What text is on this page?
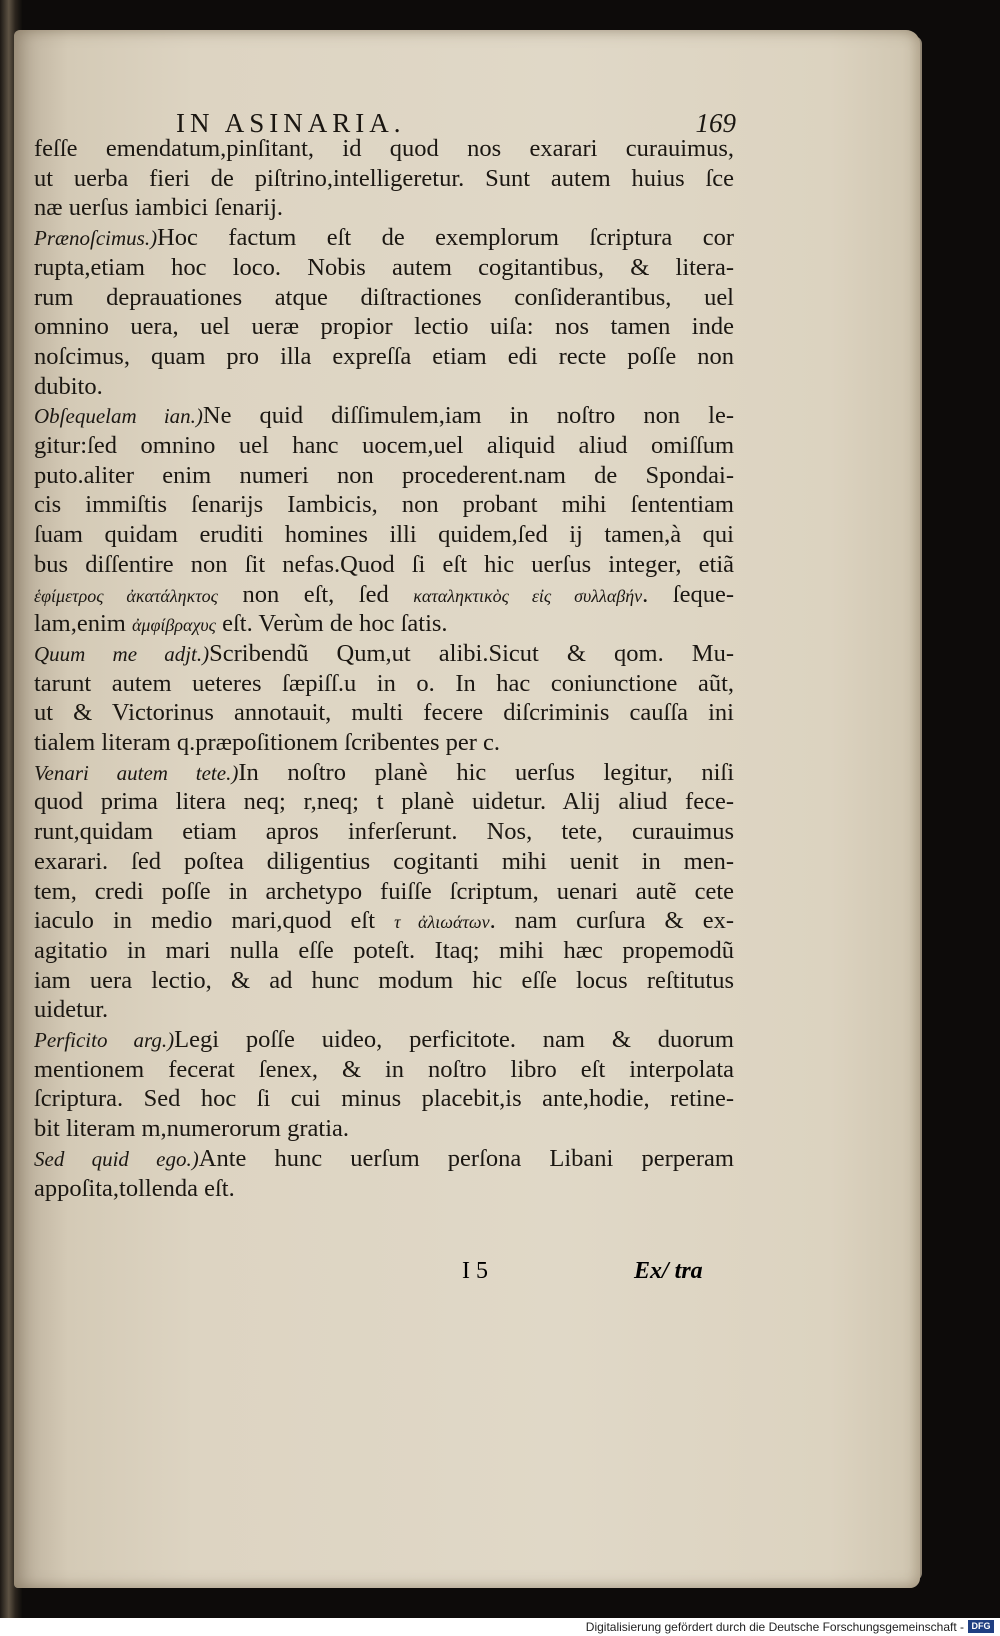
IN ASINARIA.	169
feſſe emendatum,pinſitant, id quod nos exarari curauimus,
ut uerba fieri de piſtrino,intelligeretur. Sunt autem huius ſce
næ uerſus iambici ſenarij.
Prænoſcimus.)Hoc factum eſt de exemplorum ſcriptura cor
rupta,etiam hoc loco. Nobis autem cogitantibus, & litera-
rum deprauationes atque diſtractiones conſiderantibus, uel
omnino uera, uel ueræ propior lectio uiſa: nos tamen inde
noſcimus, quam pro illa expreſſa etiam edi recte poſſe non
dubito.
Obſequelam ian.)Ne quid diſſimulem,iam in noſtro non le-
gitur:ſed omnino uel hanc uocem,uel aliquid aliud omiſſum
puto.aliter enim numeri non procederent.nam de Spondai-
cis immiſtis ſenarijs Iambicis, non probant mihi ſententiam
ſuam quidam eruditi homines illi quidem,ſed ij tamen,à qui
bus diſſentire non ſit nefas.Quod ſi eſt hic uerſus integer, etiã
ἑφίμετρος ἀκατάληκτος non eſt, ſed καταληκτικὸς εἰς συλλαβήν. ſeque-
lam,enim ἀμφίβραχυς eſt. Verùm de hoc ſatis.
Quum me adjt.)Scribendũ Qum,ut alibi.Sicut & qom. Mu-
tarunt autem ueteres ſæpiſſ.u in o. In hac coniunctione aũt,
ut & Victorinus annotauit, multi fecere diſcriminis cauſſa ini
tialem literam q.præpoſitionem ſcribentes per c.
Venari autem tete.)In noſtro planè hic uerſus legitur, niſi
quod prima litera neq; r,neq; t planè uidetur. Alij aliud fece-
runt,quidam etiam apros inferſerunt. Nos, tete, curauimus
exarari. ſed poſtea diligentius cogitanti mihi uenit in men-
tem, credi poſſe in archetypo fuiſſe ſcriptum, uenari autẽ cete
iaculo in medio mari,quod eſt τ ἀλιωάτων. nam curſura & ex-
agitatio in mari nulla eſſe poteſt. Itaq; mihi hæc propemodũ
iam uera lectio, & ad hunc modum hic eſſe locus reſtitutus
uidetur.
Perficito arg.)Legi poſſe uideo, perficitote. nam & duorum
mentionem fecerat ſenex, & in noſtro libro eſt interpolata
ſcriptura. Sed hoc ſi cui minus placebit,is ante,hodie, retine-
bit literam m,numerorum gratia.
Sed quid ego.)Ante hunc uerſum perſona Libani perperam
appoſita,tollenda eſt.
I 5	Ex/ tra
Digitalisierung gefördert durch die Deutsche Forschungsgemeinschaft - DFG
